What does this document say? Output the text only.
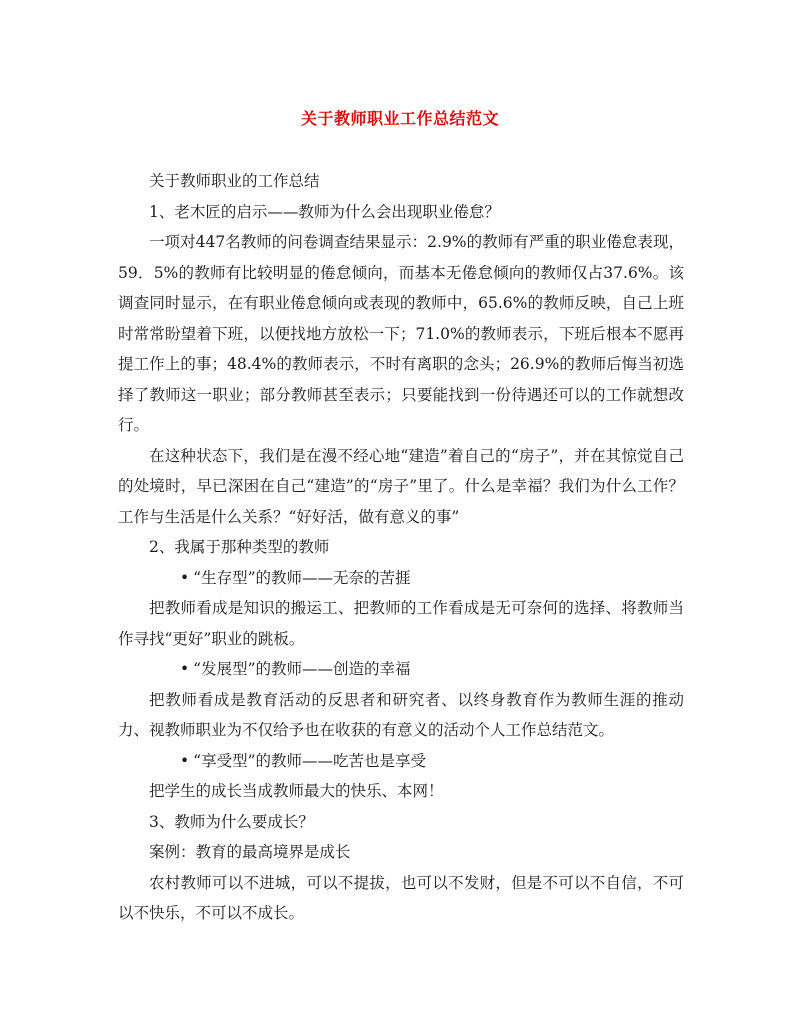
关于教师职业工作总结范文

关于教师职业的工作总结

1、老木匠的启示——教师为什么会出现职业倦怠？

一项对447名教师的问卷调查结果显示：2.9%的教师有严重的职业倦怠表现，59．5%的教师有比较明显的倦怠倾向，而基本无倦怠倾向的教师仅占37.6%。该调查同时显示，在有职业倦怠倾向或表现的教师中，65.6%的教师反映，自己上班时常常盼望着下班，以便找地方放松一下；71.0%的教师表示，下班后根本不愿再提工作上的事；48.4%的教师表示，不时有离职的念头；26.9%的教师后悔当初选择了教师这一职业；部分教师甚至表示；只要能找到一份待遇还可以的工作就想改行。

在这种状态下，我们是在漫不经心地“建造”着自己的“房子”，并在其惊觉自己的处境时，早已深困在自己“建造”的“房子”里了。什么是幸福？我们为什么工作？工作与生活是什么关系？“好好活，做有意义的事”

2、我属于那种类型的教师

• “生存型”的教师——无奈的苦捱

把教师看成是知识的搬运工、把教师的工作看成是无可奈何的选择、将教师当作寻找“更好”职业的跳板。

• “发展型”的教师——创造的幸福

把教师看成是教育活动的反思者和研究者、以终身教育作为教师生涯的推动力、视教师职业为不仅给予也在收获的有意义的活动个人工作总结范文。

• “享受型”的教师——吃苦也是享受

把学生的成长当成教师最大的快乐、本网！

3、教师为什么要成长？

案例：教育的最高境界是成长

农村教师可以不进城，可以不提拔，也可以不发财，但是不可以不自信，不可以不快乐，不可以不成长。
